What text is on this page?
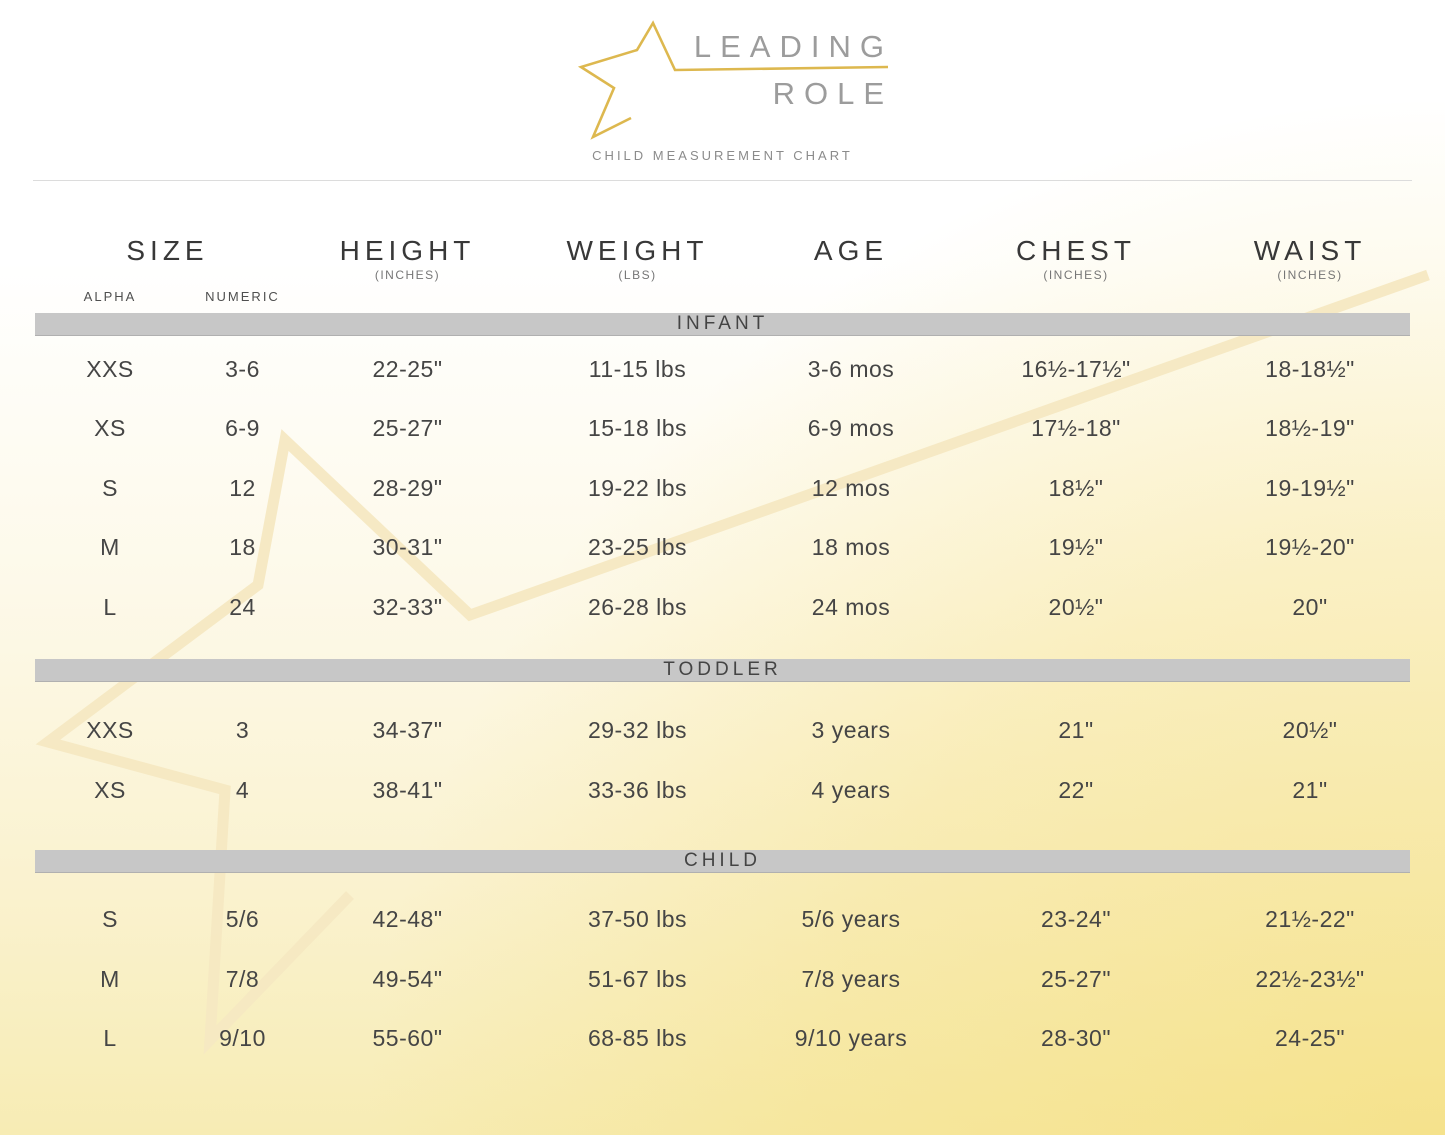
LEADING
ROLE
CHILD MEASUREMENT CHART
SIZE	HEIGHT
(INCHES)
WEIGHT
(LBS)
AGE	CHEST
(INCHES)
WAIST
(INCHES)
ALPHA	NUMERIC
INFANT
XXS	3-6	22-25"	11-15 lbs	3-6 mos	16½-17½"	18-18½"
XS	6-9	25-27"	15-18 lbs	6-9 mos	17½-18"	18½-19"
S	12	28-29"	19-22 lbs	12 mos	18½"	19-19½"
M	18	30-31"	23-25 lbs	18 mos	19½"	19½-20"
L	24	32-33"	26-28 lbs	24 mos	20½"	20"
TODDLER
XXS	3	34-37"	29-32 lbs	3 years	21"	20½"
XS	4	38-41"	33-36 lbs	4 years	22"	21"
CHILD
S	5/6	42-48"	37-50 lbs	5/6 years	23-24"	21½-22"
M	7/8	49-54"	51-67 lbs	7/8 years	25-27"	22½-23½"
L	9/10	55-60"	68-85 lbs	9/10 years	28-30"	24-25"
